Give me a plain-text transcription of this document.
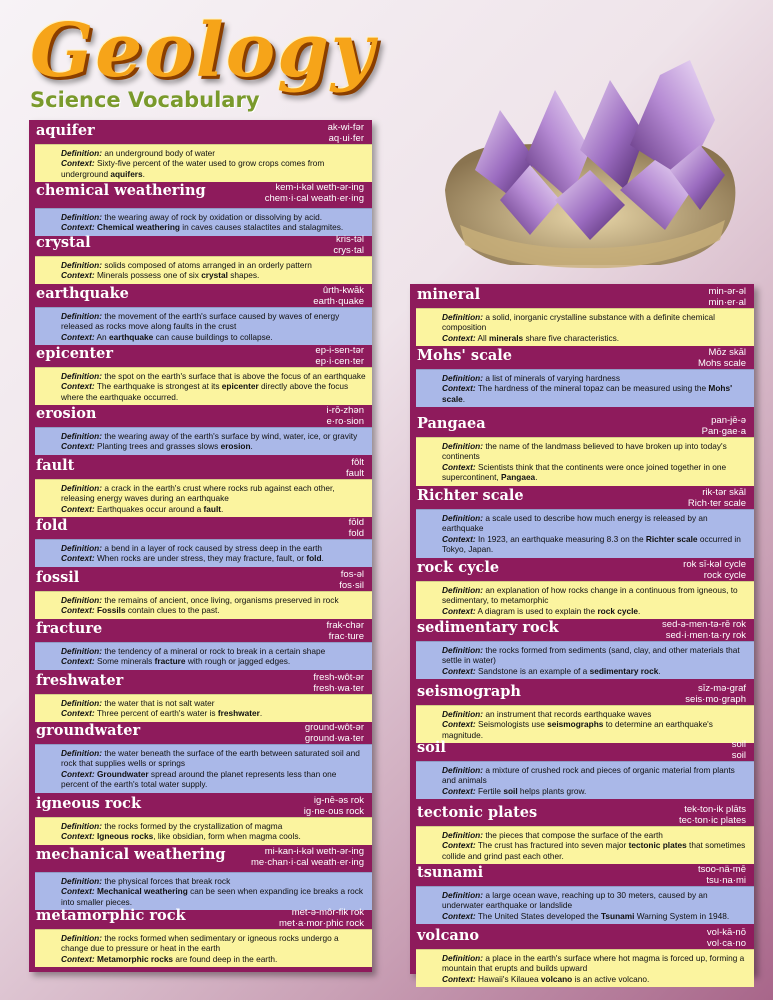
Geology
Science Vocabulary
aquifer	ak-wi-fər
aq·ui·fer

Definition: an underground body of water

Context: Sixty-five percent of the water used to grow crops comes from underground aquifers.

chemical weathering	kem-i-kəl weth-ər-ing
chem·i·cal weath·er·ing

Definition: the wearing away of rock by oxidation or dissolving by acid.

Context: Chemical weathering in caves causes stalactites and stalagmites.

crystal	kris-təl
crys·tal

Definition: solids composed of atoms arranged in an orderly pattern

Context: Minerals possess one of six crystal shapes.

earthquake	ûrth-kwāk
earth·quake

Definition: the movement of the earth's surface caused by waves of energy released as rocks move along faults in the crust

Context: An earthquake can cause buildings to collapse.

epicenter	ep-i-sen-tər
ep·i·cen·ter

Definition: the spot on the earth's surface that is above the focus of an earthquake

Context: The earthquake is strongest at its epicenter directly above the focus where the earthquake occurred.

erosion	i-rō-zhən
e·ro·sion

Definition: the wearing away of the earth's surface by wind, water, ice, or gravity

Context: Planting trees and grasses slows erosion.

fault	fôlt
fault

Definition: a crack in the earth's crust where rocks rub against each other, releasing energy waves during an earthquake

Context: Earthquakes occur around a fault.

fold	fōld
fold

Definition: a bend in a layer of rock caused by stress deep in the earth

Context: When rocks are under stress, they may fracture, fault, or fold.

fossil	fos-əl
fos·sil

Definition: the remains of ancient, once living, organisms preserved in rock

Context: Fossils contain clues to the past.

fracture	frak-chər
frac·ture

Definition: the tendency of a mineral or rock to break in a certain shape

Context: Some minerals fracture with rough or jagged edges.

freshwater	fresh-wôt-ər
fresh·wa·ter

Definition: the water that is not salt water

Context: Three percent of earth's water is freshwater.

groundwater	ground-wôt-ər
ground·wa·ter

Definition: the water beneath the surface of the earth between saturated soil and rock that supplies wells or springs

Context: Groundwater spread around the planet represents less than one percent of the earth's total water supply.

igneous rock	ig-nē-əs rok
ig·ne·ous rock

Definition: the rocks formed by the crystallization of magma

Context: Igneous rocks, like obsidian, form when magma cools.

mechanical weathering	mi-kan-i-kəl weth-ər-ing
me·chan·i·cal weath·er·ing

Definition: the physical forces that break rock

Context: Mechanical weathering can be seen when expanding ice breaks a rock into smaller pieces.

metamorphic rock	met-ə-môr-fik rok
met·a·mor·phic rock

Definition: the rocks formed when sedimentary or igneous rocks undergo a change due to pressure or heat in the earth

Context: Metamorphic rocks are found deep in the earth.

mineral	min-ər-əl
min·er·al

Definition: a solid, inorganic crystalline substance with a definite chemical composition

Context: All minerals share five characteristics.

Mohs' scale	Mōz skāl
Mohs scale

Definition: a list of minerals of varying hardness

Context: The hardness of the mineral topaz can be measured using the Mohs' scale.

Pangaea	pan-jē-ə
Pan·gae·a

Definition: the name of the landmass believed to have broken up into today's continents

Context: Scientists think that the continents were once joined together in one supercontinent, Pangaea.

Richter scale	rik-tər skāl
Rich·ter scale

Definition: a scale used to describe how much energy is released by an earthquake

Context: In 1923, an earthquake measuring 8.3 on the Richter scale occurred in Tokyo, Japan.

rock cycle	rok sī-kəl cycle
rock cycle

Definition: an explanation of how rocks change in a continuous from igneous, to sedimentary, to metamorphic

Context: A diagram is used to explain the rock cycle.

sedimentary rock	sed-ə-men-tə-rē rok
sed·i·men·ta·ry rok

Definition: the rocks formed from sediments (sand, clay, and other materials that settle in water)

Context: Sandstone is an example of a sedimentary rock.

seismograph	sīz-mə-graf
seis·mo·graph

Definition: an instrument that records earthquake waves

Context: Seismologists use seismographs to determine an earthquake's magnitude.

soil	soil
soil

Definition: a mixture of crushed rock and pieces of organic material from plants and animals

Context: Fertile soil helps plants grow.

tectonic plates	tek-ton-ik plāts
tec·ton·ic plates

Definition: the pieces that compose the surface of the earth

Context: The crust has fractured into seven major tectonic plates that sometimes collide and grind past each other.

tsunami	tsoo-nä-mē
tsu·na·mi

Definition: a large ocean wave, reaching up to 30 meters, caused by an underwater earthquake or landslide

Context: The United States developed the Tsunami Warning System in 1948.

volcano	vol-kā-nō
vol·ca·no

Definition: a place in the earth's surface where hot magma is forced up, forming a mountain that erupts and builds upward

Context: Hawaii's Kilauea volcano is an active volcano.
